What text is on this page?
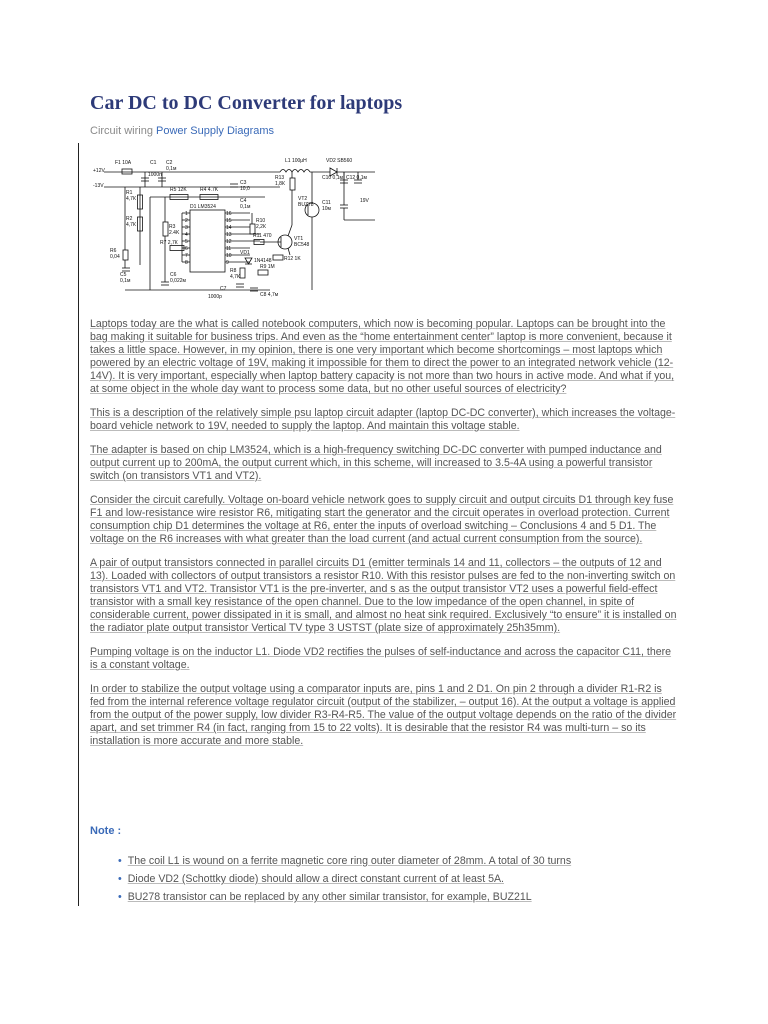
Car DC to DC Converter for laptops
Circuit wiring Power Supply Diagrams
F1 10A	C1
1000n
C2
0,1м
+12V
-13V
R1
4,7К
R5 12K	R4 4.7K
C3
10,0
C4
0,1м
D1 LM3524
R2
4,7К	R3
2.4K
R7 2,7К
R6
0,04
C5
0,1м
C6
0,022м
L1 100μH	VD2 SB560
R13
1,8К
C10 0,1м C12 0,1м
VT2
BUZ78 C11
10м
19V
R10
2,2К
R11 470	VT1
BC548
R12 1K
VD1
1N4148
R9 1M
R8
4,7К
C7
1000p	C8 4,7м
1
2
3
4
5
6
7
8
16
15
14
13
12
11
10
9

Laptops today are the what is called notebook computers, which now is becoming popular. Laptops can be brought into the bag making it suitable for business trips. And even as the “home entertainment center” laptop is more convenient, because it takes a little space. However, in my opinion, there is one very important which become shortcomings – most laptops which powered by an electric voltage of 19V, making it impossible for them to direct the power to an integrated network vehicle (12-14V). It is very important, especially when laptop battery capacity is not more than two hours in active mode. And what if you, at some object in the whole day want to process some data, but no other useful sources of electricity?

This is a description of the relatively simple psu laptop circuit adapter (laptop DC-DC converter), which increases the voltage-board vehicle network to 19V, needed to supply the laptop. And maintain this voltage stable.

The adapter is based on chip LM3524, which is a high-frequency switching DC-DC converter with pumped inductance and output current up to 200mA, the output current which, in this scheme, will increased to 3.5-4A using a powerful transistor switch (on transistors VT1 and VT2).

Consider the circuit carefully. Voltage on-board vehicle network goes to supply circuit and output circuits D1 through key fuse F1 and low-resistance wire resistor R6, mitigating start the generator and the circuit operates in overload protection. Current consumption chip D1 determines the voltage at R6, enter the inputs of overload switching – Conclusions 4 and 5 D1. The voltage on the R6 increases with what greater than the load current (and actual current consumption from the source).

A pair of output transistors connected in parallel circuits D1 (emitter terminals 14 and 11, collectors – the outputs of 12 and 13). Loaded with collectors of output transistors a resistor R10. With this resistor pulses are fed to the non-inverting switch on transistors VT1 and VT2. Transistor VT1 is the pre-inverter, and s as the output transistor VT2 uses a powerful field-effect transistor with a small key resistance of the open channel. Due to the low impedance of the open channel, in spite of considerable current, power dissipated in it is small, and almost no heat sink required. Exclusively “to ensure” it is installed on the radiator plate output transistor Vertical TV type 3 USTST (plate size of approximately 25h35mm).

Pumping voltage is on the inductor L1. Diode VD2 rectifies the pulses of self-inductance and across the capacitor C11, there is a constant voltage.

In order to stabilize the output voltage using a comparator inputs are, pins 1 and 2 D1. On pin 2 through a divider R1-R2 is fed from the internal reference voltage regulator circuit (output of the stabilizer, – output 16). At the output a voltage is applied from the output of the power supply, low divider R3-R4-R5. The value of the output voltage depends on the ratio of the divider apart, and set trimmer R4 (in fact, ranging from 15 to 22 volts). It is desirable that the resistor R4 was multi-turn – so its installation is more accurate and more stable.

Note :
• The coil L1 is wound on a ferrite magnetic core ring outer diameter of 28mm. A total of 30 turns
• Diode VD2 (Schottky diode) should allow a direct constant current of at least 5A.
• BU278 transistor can be replaced by any other similar transistor, for example, BUZ21L
